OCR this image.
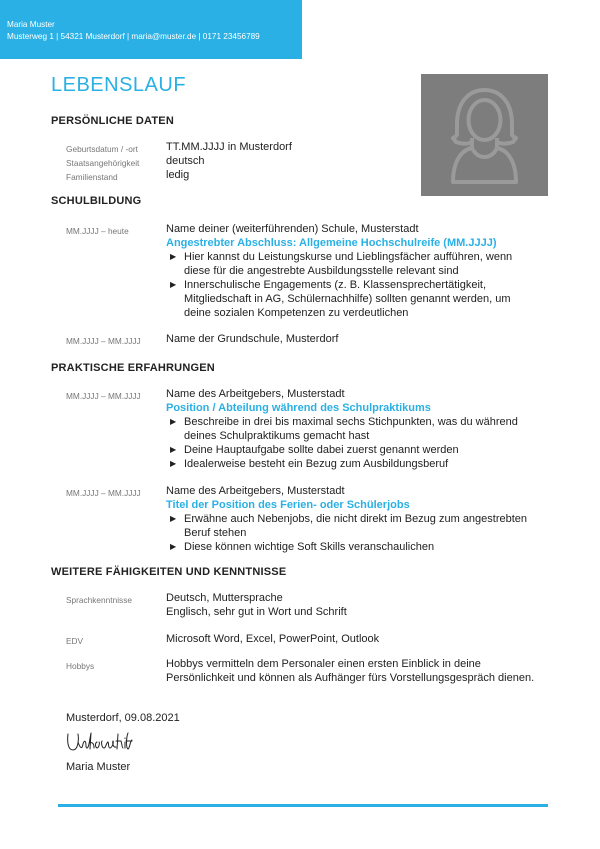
Maria Muster
Musterweg 1 | 54321 Musterdorf | maria@muster.de | 0171 23456789
LEBENSLAUF
PERSÖNLICHE DATEN
Geburtsdatum / -ort	TT.MM.JJJJ in Musterdorf
Staatsangehörigkeit deutsch
Familienstand	ledig
SCHULBILDUNG
MM.JJJJ – heute	Name deiner (weiterführenden) Schule, Musterstadt
Angestrebter Abschluss: Allgemeine Hochschulreife (MM.JJJJ)
▶ Hier kannst du Leistungskurse und Lieblingsfächer aufführen, wenn diese für die angestrebte Ausbildungsstelle relevant sind
▶ Innerschulische Engagements (z. B. Klassensprechertätigkeit, Mitgliedschaft in AG, Schülernachhilfe) sollten genannt werden, um deine sozialen Kompetenzen zu verdeutlichen
MM.JJJJ – MM.JJJJ Name der Grundschule, Musterdorf
PRAKTISCHE ERFAHRUNGEN
MM.JJJJ – MM.JJJJ Name des Arbeitgebers, Musterstadt
Position / Abteilung während des Schulpraktikums
▶ Beschreibe in drei bis maximal sechs Stichpunkten, was du während deines Schulpraktikums gemacht hast
▶ Deine Hauptaufgabe sollte dabei zuerst genannt werden
▶ Idealerweise besteht ein Bezug zum Ausbildungsberuf
MM.JJJJ – MM.JJJJ Name des Arbeitgebers, Musterstadt
Titel der Position des Ferien- oder Schülerjobs
▶ Erwähne auch Nebenjobs, die nicht direkt im Bezug zum angestrebten Beruf stehen
▶ Diese können wichtige Soft Skills veranschaulichen
WEITERE FÄHIGKEITEN UND KENNTNISSE
Sprachkenntnisse	Deutsch, Muttersprache
Englisch, sehr gut in Wort und Schrift
EDV	Microsoft Word, Excel, PowerPoint, Outlook
Hobbys	Hobbys vermitteln dem Personaler einen ersten Einblick in deine Persönlichkeit und können als Aufhänger fürs Vorstellungsgespräch dienen.
Musterdorf, 09.08.2021
Maria Muster
